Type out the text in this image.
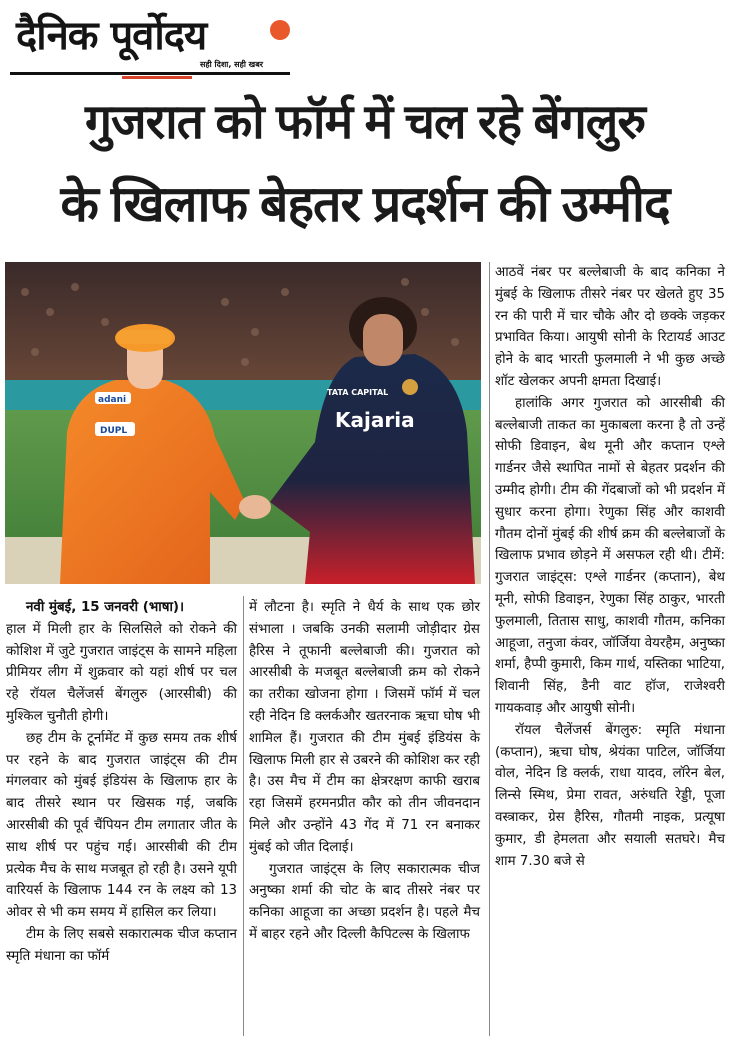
दैनिक पूर्वोदय
सही दिशा, सही खबर
गुजरात को फॉर्म में चल रहे बेंगलुरु
के खिलाफ बेहतर प्रदर्शन की उम्मीद
adani
DUPL
TATA CAPITAL
Kajaria

नवी मुंबई, 15 जनवरी (भाषा)।

हाल में मिली हार के सिलसिले को रोकने की कोशिश में जुटे गुजरात जाइंट्स के सामने महिला प्रीमियर लीग में शुक्रवार को यहां शीर्ष पर चल रहे रॉयल चैलेंजर्स बेंगलुरु (आरसीबी) की मुश्किल चुनौती होगी।

छह टीम के टूर्नामेंट में कुछ समय तक शीर्ष पर रहने के बाद गुजरात जाइंट्स की टीम मंगलवार को मुंबई इंडियंस के खिलाफ हार के बाद तीसरे स्थान पर खिसक गई, जबकि आरसीबी की पूर्व चैंपियन टीम लगातार जीत के साथ शीर्ष पर पहुंच गई। आरसीबी की टीम प्रत्येक मैच के साथ मजबूत हो रही है। उसने यूपी वारियर्स के खिलाफ 144 रन के लक्ष्य को 13 ओवर से भी कम समय में हासिल कर लिया।

टीम के लिए सबसे सकारात्मक चीज कप्तान स्मृति मंधाना का फॉर्म

में लौटना है। स्मृति ने धैर्य के साथ एक छोर संभाला । जबकि उनकी सलामी जोड़ीदार ग्रेस हैरिस ने तूफानी बल्लेबाजी की। गुजरात को आरसीबी के मजबूत बल्लेबाजी क्रम को रोकने का तरीका खोजना होगा । जिसमें फॉर्म में चल रही नेदिन डि क्लर्कऔर खतरनाक ऋचा घोष भी शामिल हैं। गुजरात की टीम मुंबई इंडियंस के खिलाफ मिली हार से उबरने की कोशिश कर रही है। उस मैच में टीम का क्षेत्ररक्षण काफी खराब रहा जिसमें हरमनप्रीत कौर को तीन जीवनदान मिले और उन्होंने 43 गेंद में 71 रन बनाकर मुंबई को जीत दिलाई।

गुजरात जाइंट्स के लिए सकारात्मक चीज अनुष्का शर्मा की चोट के बाद तीसरे नंबर पर कनिका आहूजा का अच्छा प्रदर्शन है। पहले मैच में बाहर रहने और दिल्ली कैपिटल्स के खिलाफ

आठवें नंबर पर बल्लेबाजी के बाद कनिका ने मुंबई के खिलाफ तीसरे नंबर पर खेलते हुए 35 रन की पारी में चार चौके और दो छक्के जड़कर प्रभावित किया। आयुषी सोनी के रिटायर्ड आउट होने के बाद भारती फुलमाली ने भी कुछ अच्छे शॉट खेलकर अपनी क्षमता दिखाई।

हालांकि अगर गुजरात को आरसीबी की बल्लेबाजी ताकत का मुकाबला करना है तो उन्हें सोफी डिवाइन, बेथ मूनी और कप्तान एश्ले गार्डनर जैसे स्थापित नामों से बेहतर प्रदर्शन की उम्मीद होगी। टीम की गेंदबाजों को भी प्रदर्शन में सुधार करना होगा। रेणुका सिंह और काशवी गौतम दोनों मुंबई की शीर्ष क्रम की बल्लेबाजों के खिलाफ प्रभाव छोड़ने में असफल रही थी। टीमें: गुजरात जाइंट्स: एश्ले गार्डनर (कप्तान), बेथ मूनी, सोफी डिवाइन, रेणुका सिंह ठाकुर, भारती फुलमाली, तितास साधु, काशवी गौतम, कनिका आहूजा, तनुजा कंवर, जॉर्जिया वेयरहैम, अनुष्का शर्मा, हैप्पी कुमारी, किम गार्थ, यस्तिका भाटिया, शिवानी सिंह, डैनी वाट हॉज, राजेश्वरी गायकवाड़ और आयुषी सोनी।

रॉयल चैलेंजर्स बेंगलुरु: स्मृति मंधाना (कप्तान), ऋचा घोष, श्रेयंका पाटिल, जॉर्जिया वोल, नेदिन डि क्लर्क, राधा यादव, लॉरेन बेल, लिन्से स्मिथ, प्रेमा रावत, अरुंधति रेड्डी, पूजा वस्त्राकर, ग्रेस हैरिस, गौतमी नाइक, प्रत्यूषा कुमार, डी हेमलता और सयाली सतघरे। मैच शाम 7.30 बजे से
